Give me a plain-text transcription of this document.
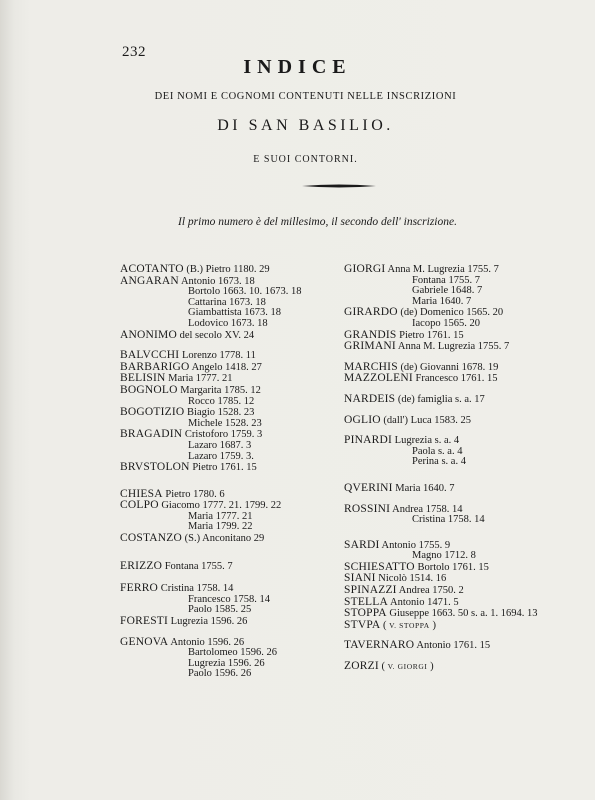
232
INDICE
DEI NOMI E COGNOMI CONTENUTI NELLE INSCRIZIONI
DI SAN BASILIO.
E SUOI CONTORNI.
Il primo numero è del millesimo, il secondo dell' inscrizione.
ACOTANTO (B.) Pietro 1180. 29
ANGARAN Antonio 1673. 18
Bortolo 1663. 10. 1673. 18
Cattarina 1673. 18
Giambattista 1673. 18
Lodovico 1673. 18
ANONIMO del secolo XV. 24
BALVCCHI Lorenzo 1778. 11
BARBARIGO Angelo 1418. 27
BELISIN Maria 1777. 21
BOGNOLO Margarita 1785. 12
Rocco 1785. 12
BOGOTIZIO Biagio 1528. 23
Michele 1528. 23
BRAGADIN Cristoforo 1759. 3
Lazaro 1687. 3
Lazaro 1759. 3.
BRVSTOLON Pietro 1761. 15
CHIESA Pietro 1780. 6
COLPO Giacomo 1777. 21. 1799. 22
Maria 1777. 21
Maria 1799. 22
COSTANZO (S.) Anconitano 29
ERIZZO Fontana 1755. 7
FERRO Cristina 1758. 14
Francesco 1758. 14
Paolo 1585. 25
FORESTI Lugrezia 1596. 26
GENOVA Antonio 1596. 26
Bartolomeo 1596. 26
Lugrezia 1596. 26
Paolo 1596. 26
GIORGI Anna M. Lugrezia 1755. 7
Fontana 1755. 7
Gabriele 1648. 7
Maria 1640. 7
GIRARDO (de) Domenico 1565. 20
Iacopo 1565. 20
GRANDIS Pietro 1761. 15
GRIMANI Anna M. Lugrezia 1755. 7
MARCHIS (de) Giovanni 1678. 19
MAZZOLENI Francesco 1761. 15
NARDEIS (de) famiglia s. a. 17
OGLIO (dall') Luca 1583. 25
PINARDI Lugrezia s. a. 4
Paola s. a. 4
Perina s. a. 4
QVERINI Maria 1640. 7
ROSSINI Andrea 1758. 14
Cristina 1758. 14
SARDI Antonio 1755. 9
Magno 1712. 8
SCHIESATTO Bortolo 1761. 15
SIANI Nicolò 1514. 16
SPINAZZI Andrea 1750. 2
STELLA Antonio 1471. 5
STOPPA Giuseppe 1663. 50 s. a. 1. 1694. 13
STVPA ( V. STOPPA )
TAVERNARO Antonio 1761. 15
ZORZI ( V. GIORGI )
